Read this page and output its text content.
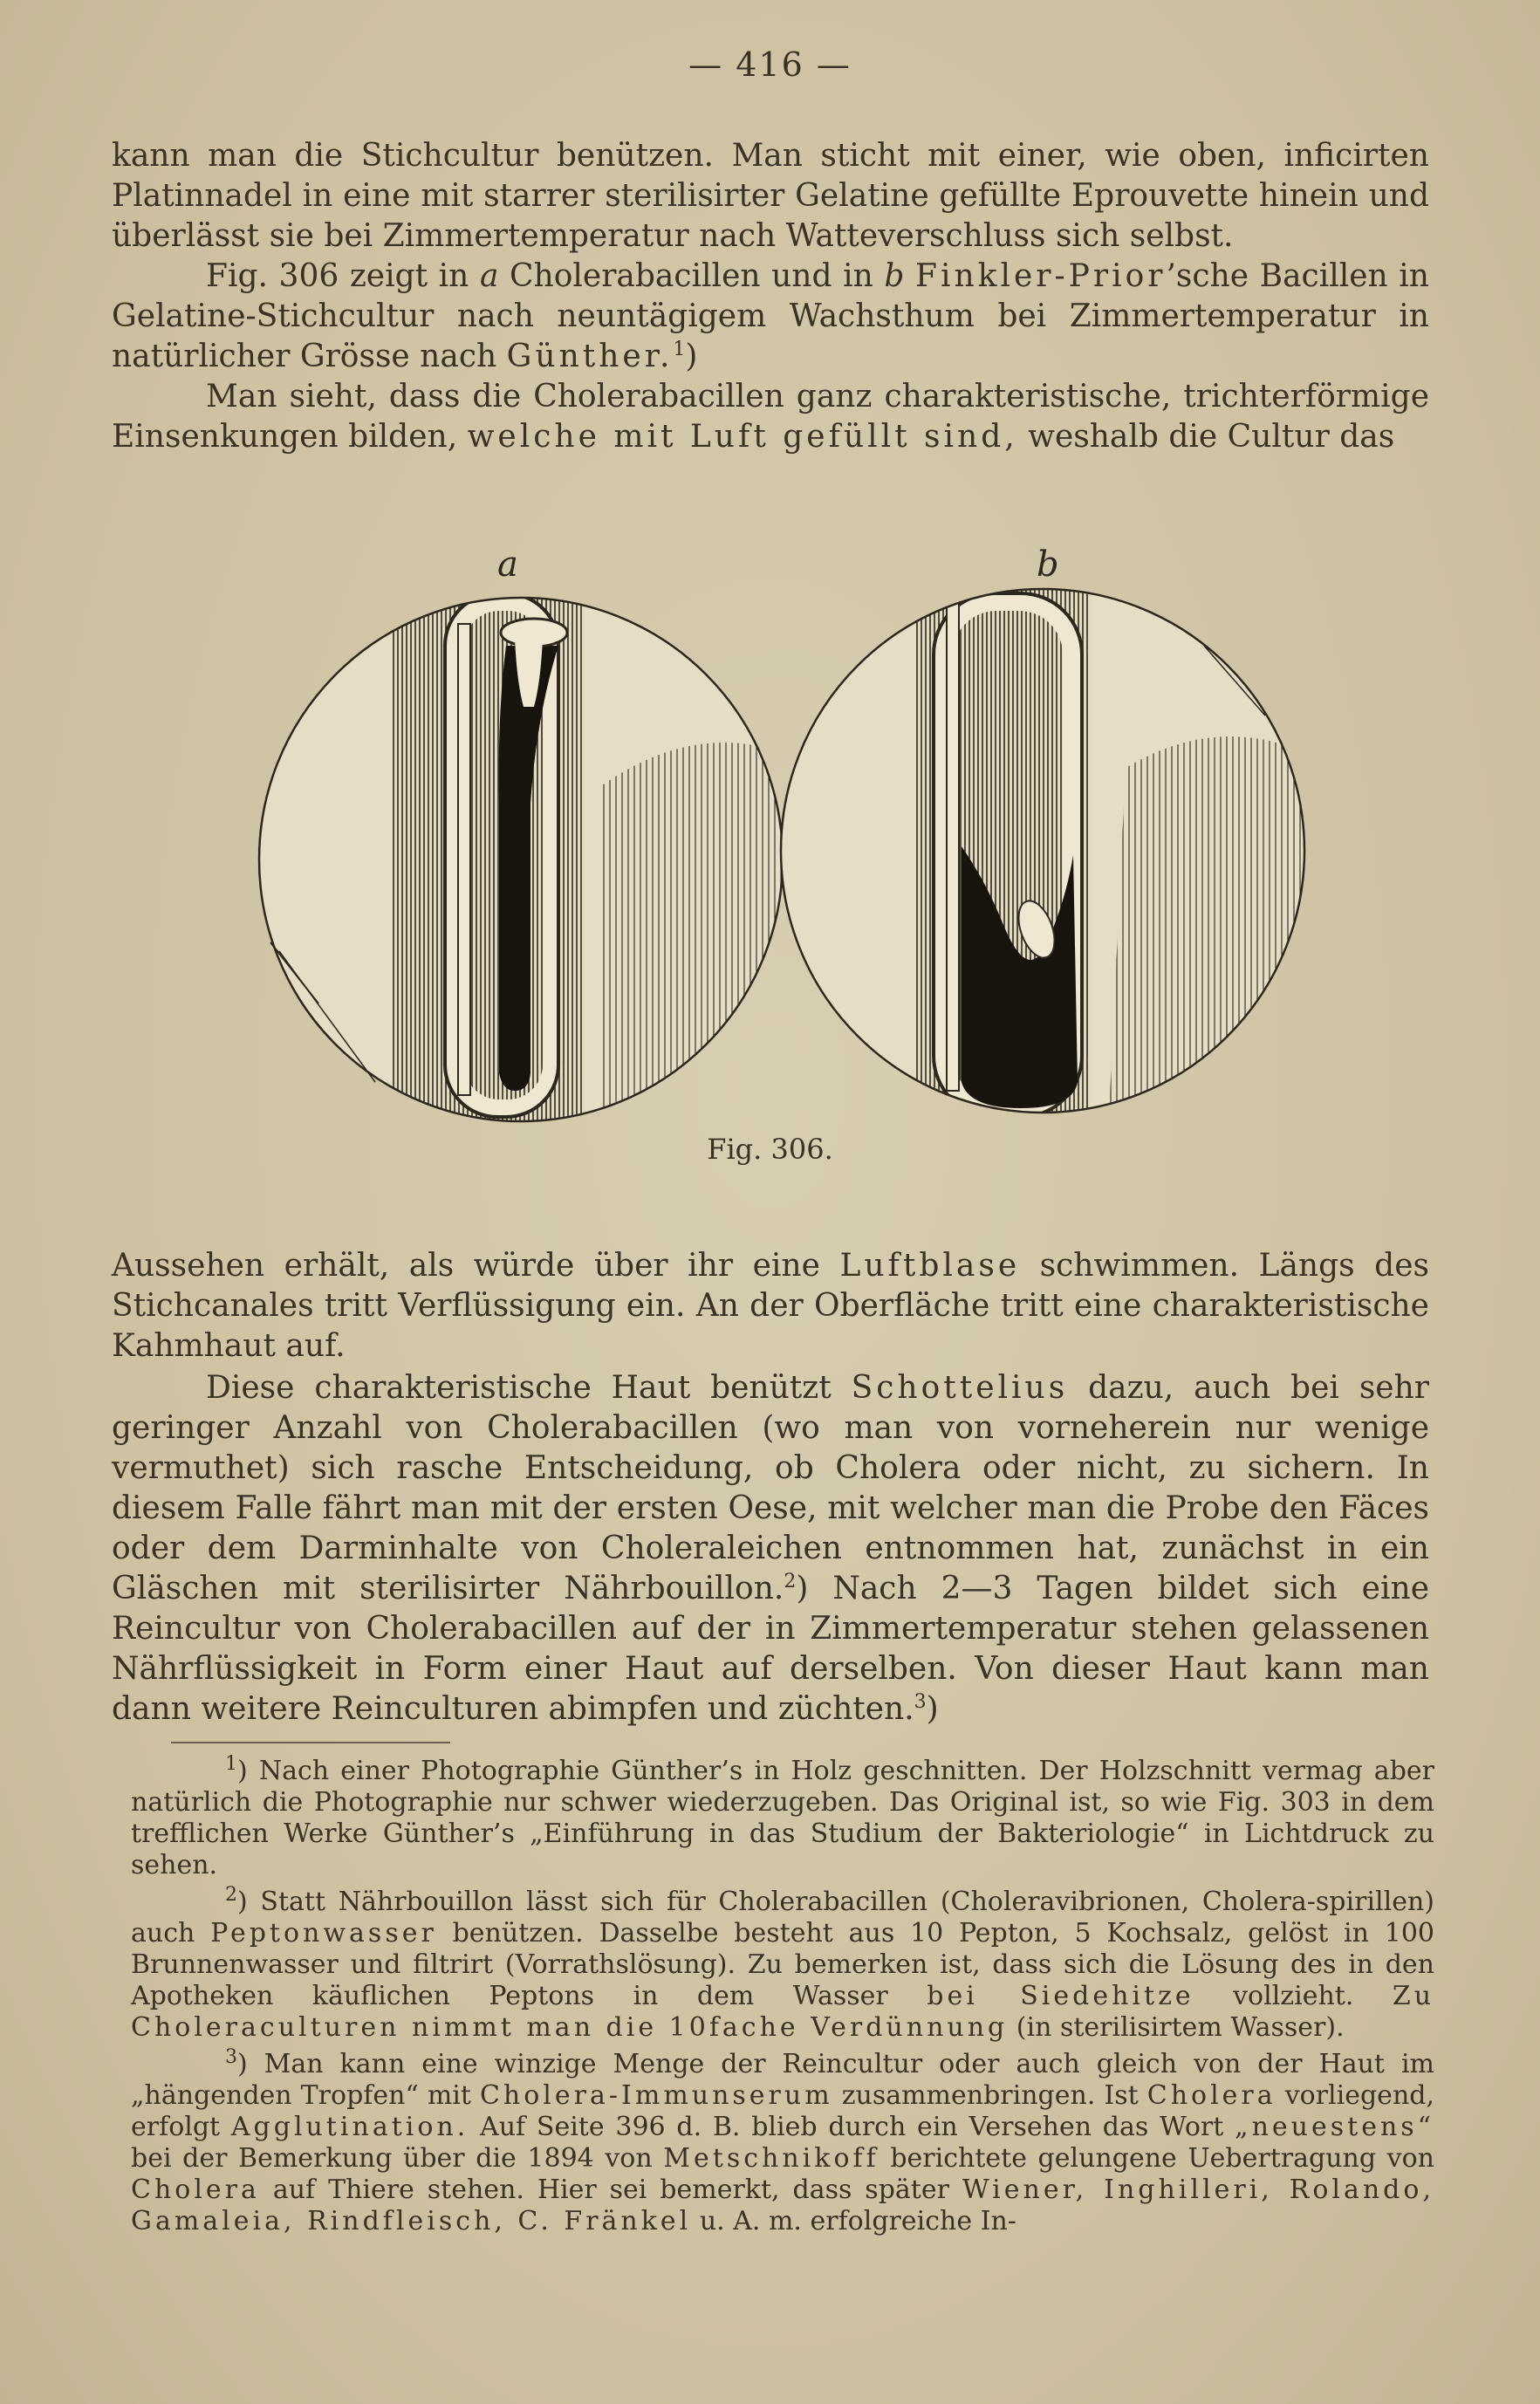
— 416 —

kann man die Stichcultur benützen. Man sticht mit einer, wie oben, inficirten Platinnadel in eine mit starrer sterilisirter Gelatine gefüllte Eprouvette hinein und überlässt sie bei Zimmertemperatur nach Watteverschluss sich selbst.

Fig. 306 zeigt in a Cholerabacillen und in b Finkler-Prior’sche Bacillen in Gelatine-Stichcultur nach neuntägigem Wachsthum bei Zimmertemperatur in natürlicher Grösse nach Günther.$^1$)

Man sieht, dass die Cholerabacillen ganz charakteristische, trichterförmige Einsenkungen bilden, welche mit Luft gefüllt sind, weshalb die Cultur das

a	b
Fig. 306.

Aussehen erhält, als würde über ihr eine Luftblase schwimmen. Längs des Stichcanales tritt Verflüssigung ein. An der Oberfläche tritt eine charakteristische Kahmhaut auf.

Diese charakteristische Haut benützt Schottelius dazu, auch bei sehr geringer Anzahl von Cholerabacillen (wo man von vorneherein nur wenige vermuthet) sich rasche Entscheidung, ob Cholera oder nicht, zu sichern. In diesem Falle fährt man mit der ersten Oese, mit welcher man die Probe den Fäces oder dem Darminhalte von Choleraleichen entnommen hat, zunächst in ein Gläschen mit sterilisirter Nährbouillon.$^2$) Nach 2—3 Tagen bildet sich eine Reincultur von Cholerabacillen auf der in Zimmertemperatur stehen gelassenen Nährflüssigkeit in Form einer Haut auf derselben. Von dieser Haut kann man dann weitere Reinculturen abimpfen und züchten.$^3$)

$^1$) Nach einer Photographie Günther’s in Holz geschnitten. Der Holzschnitt vermag aber natürlich die Photographie nur schwer wiederzugeben. Das Original ist, so wie Fig. 303 in dem trefflichen Werke Günther’s „Einführung in das Studium der Bakteriologie“ in Lichtdruck zu sehen.

$^2$) Statt Nährbouillon lässt sich für Cholerabacillen (Choleravibrionen, Cholera-spirillen) auch Peptonwasser benützen. Dasselbe besteht aus 10 Pepton, 5 Kochsalz, gelöst in 100 Brunnenwasser und filtrirt (Vorrathslösung). Zu bemerken ist, dass sich die Lösung des in den Apotheken käuflichen Peptons in dem Wasser bei Siedehitze vollzieht. Zu Choleraculturen nimmt man die 10fache Verdünnung (in sterilisirtem Wasser).

$^3$) Man kann eine winzige Menge der Reincultur oder auch gleich von der Haut im „hängenden Tropfen“ mit Cholera-Immunserum zusammenbringen. Ist Cholera vorliegend, erfolgt Agglutination. Auf Seite 396 d. B. blieb durch ein Versehen das Wort „neuestens“ bei der Bemerkung über die 1894 von Metschnikoff berichtete gelungene Uebertragung von Cholera auf Thiere stehen. Hier sei bemerkt, dass später Wiener, Inghilleri, Rolando, Gamaleia, Rindfleisch, C. Fränkel u. A. m. erfolgreiche In-
